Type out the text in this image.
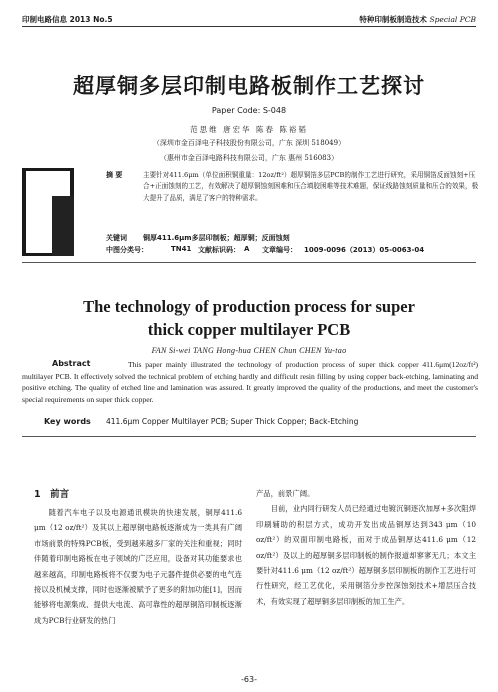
印制电路信息 2013 No.5	特种印制板制造技术 Special PCB
超厚铜多层印制电路板制作工艺探讨
Paper Code: S-048
范思维 唐宏华 陈春 陈裕韬
（深圳市金百泽电子科技股份有限公司，广东 深圳 518049）
（惠州市金百泽电路科技有限公司，广东 惠州 516083）
摘 要	主要针对411.6μm（单位面积铜重量：12oz/ft²）超厚铜箔多层PCB的制作工艺进行研究，采用铜箔反面蚀刻+压合+正面蚀刻的工艺，有效解决了超厚铜蚀刻困难和压合填胶困难等技术难题，保证线路蚀刻质量和压合的效果，极大提升了品质，满足了客户的特种需求。
关键词 铜厚411.6μm多层印制板；超厚铜；反面蚀刻
中图分类号：	TN41 文献标识码： A 文章编号： 1009-0096（2013）05-0063-04
The technology of production process for super
thick copper multilayer PCB
FAN Si-wei TANG Hong-hua CHEN Chun CHEN Yu-tao
This paper mainly illustrated the technology of production process of super thick copper 411.6μm(12oz/ft²) multilayer PCB. It effectively solved the technical problem of etching hardly and difficult resin filling by using copper back-etching, laminating and positive etching. The quality of etched line and lamination was assured. It greatly improved the quality of the productions, and meet the customer's special requirements on super thick copper.
Abstract
Key words 411.6μm Copper Multilayer PCB; Super Thick Copper; Back-Etching
1　前言

随着汽车电子以及电源通讯模块的快速发展，铜厚411.6 μm（12 oz/ft²）及其以上超厚铜电路板逐渐成为一类具有广阔市场前景的特殊PCB板，受到越来越多厂家的关注和重视；同时伴随着印制电路板在电子领域的广泛应用，设备对其功能要求也越来越高，印制电路板将不仅要为电子元器件提供必要的电气连接以及机械支撑，同时也逐渐被赋予了更多的附加功能[1]，因而能够将电源集成、提供大电流、高可靠性的超厚铜箔印制板逐渐成为PCB行业研发的热门

产品，前景广阔。

目前，业内同行研发人员已经通过电镀沉铜逐次加厚+多次阻焊印刷辅助的积层方式，成功开发出成品铜厚达到343 μm（10 oz/ft²）的双面印制电路板，而对于成品铜厚达411.6 μm（12 oz/ft²）及以上的超厚铜多层印制板的制作报道却寥寥无几；本文主要针对411.6 μm（12 oz/ft²）超厚铜多层印制板的制作工艺进行可行性研究，经工艺优化，采用铜箔分步控深蚀刻技术+增层压合技术，有效实现了超厚铜多层印制板的加工生产。

-63-
